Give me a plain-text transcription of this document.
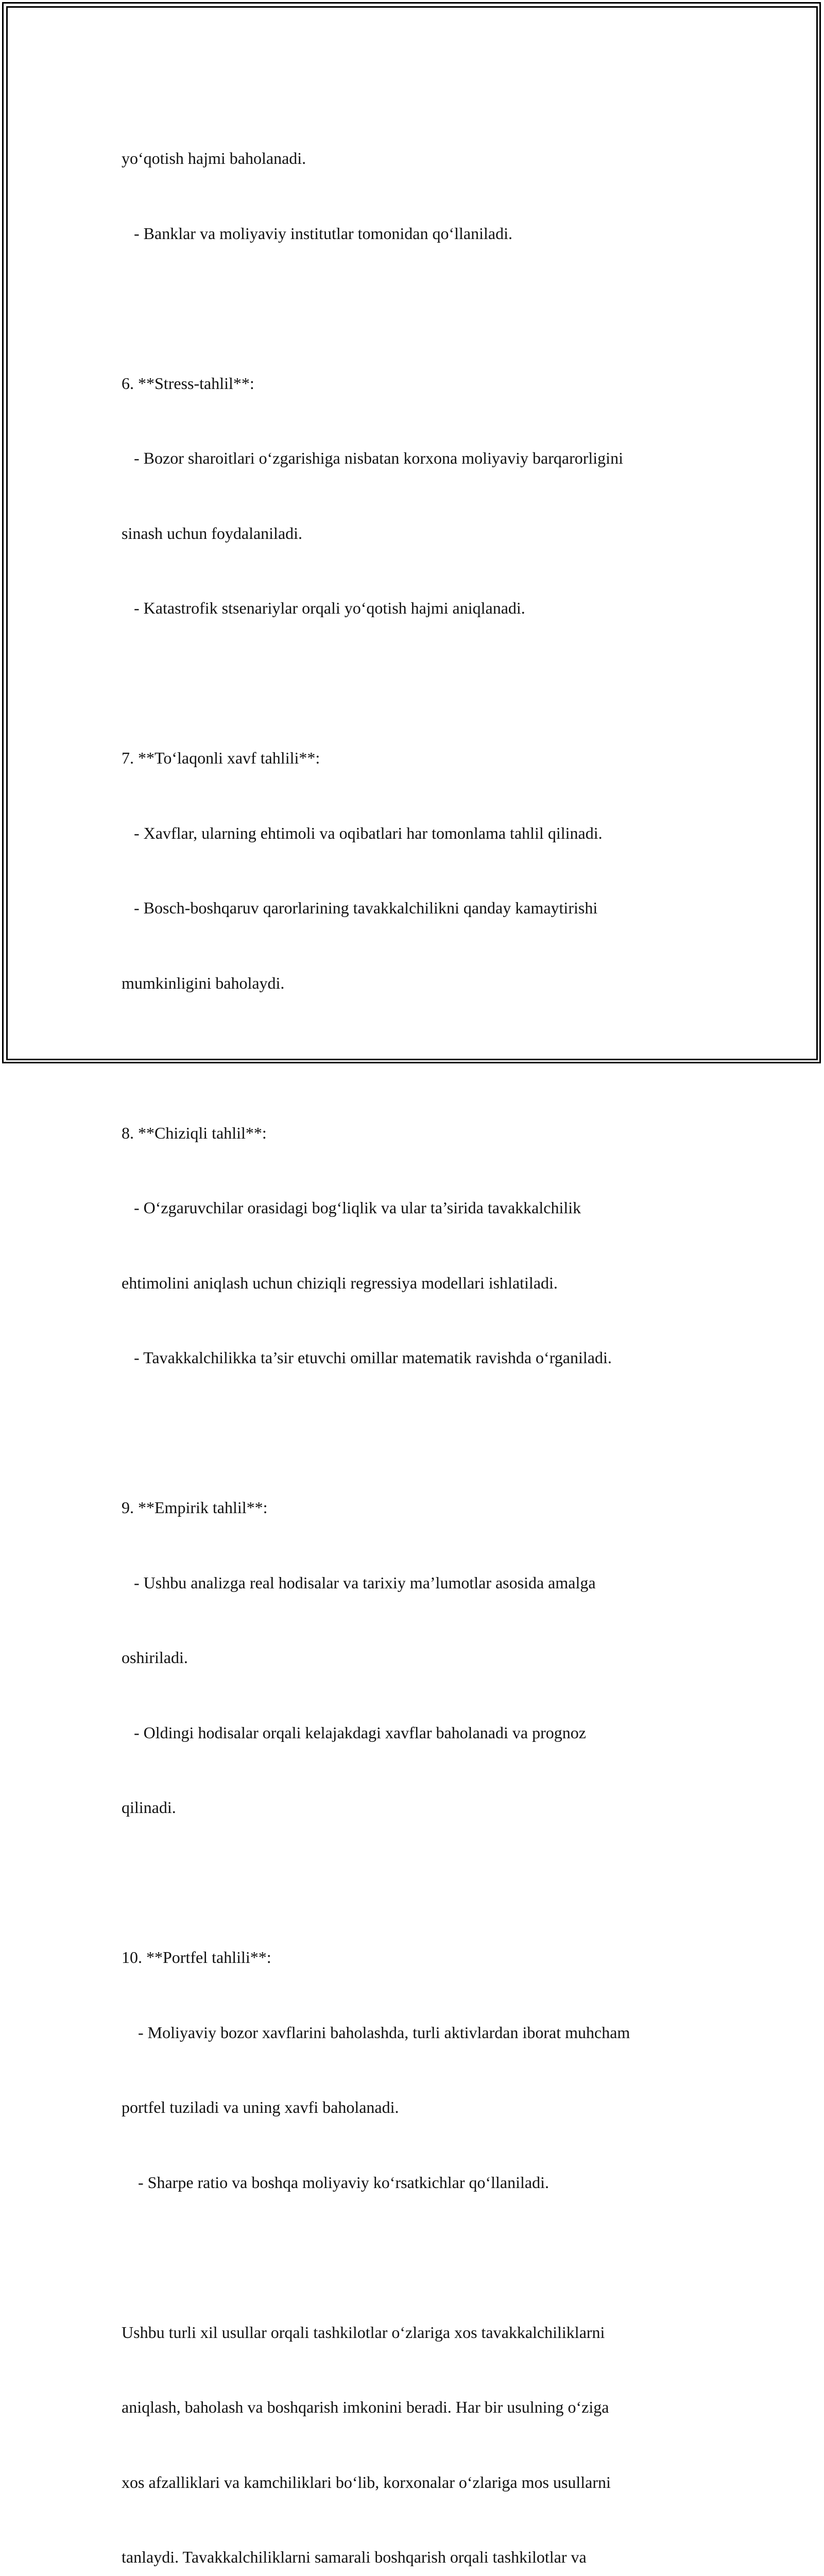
yo‘qotish hajmi baholanadi.

- Banklar va moliyaviy institutlar tomonidan qo‘llaniladi.

6. **Stress-tahlil**:

- Bozor sharoitlari o‘zgarishiga nisbatan korxona moliyaviy barqarorligini

sinash uchun foydalaniladi.

- Katastrofik stsenariylar orqali yo‘qotish hajmi aniqlanadi.

7. **To‘laqonli xavf tahlili**:

- Xavflar, ularning ehtimoli va oqibatlari har tomonlama tahlil qilinadi.

- Bosch-boshqaruv qarorlarining tavakkalchilikni qanday kamaytirishi

mumkinligini baholaydi.

8. **Chiziqli tahlil**:

- O‘zgaruvchilar orasidagi bog‘liqlik va ular ta’sirida tavakkalchilik

ehtimolini aniqlash uchun chiziqli regressiya modellari ishlatiladi.

- Tavakkalchilikka ta’sir etuvchi omillar matematik ravishda o‘rganiladi.

9. **Empirik tahlil**:

- Ushbu analizga real hodisalar va tarixiy ma’lumotlar asosida amalga

oshiriladi.

- Oldingi hodisalar orqali kelajakdagi xavflar baholanadi va prognoz

qilinadi.

10. **Portfel tahlili**:

- Moliyaviy bozor xavflarini baholashda, turli aktivlardan iborat muhcham

portfel tuziladi va uning xavfi baholanadi.

- Sharpe ratio va boshqa moliyaviy ko‘rsatkichlar qo‘llaniladi.

Ushbu turli xil usullar orqali tashkilotlar o‘zlariga xos tavakkalchiliklarni

aniqlash, baholash va boshqarish imkonini beradi. Har bir usulning o‘ziga

xos afzalliklari va kamchiliklari bo‘lib, korxonalar o‘zlariga mos usullarni

tanlaydi. Tavakkalchiliklarni samarali boshqarish orqali tashkilotlar va
